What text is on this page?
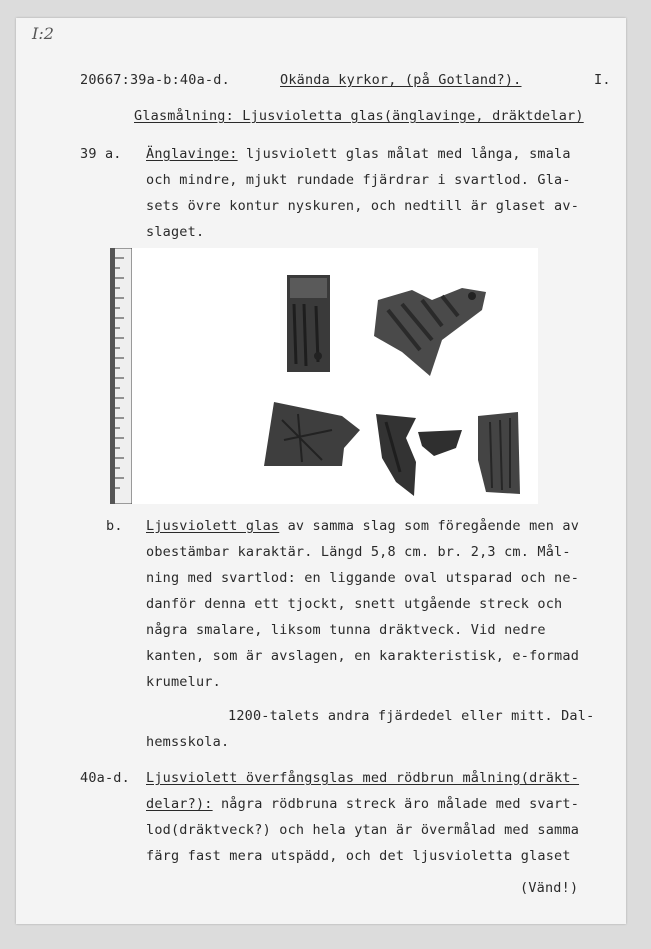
I:2
20667:39a-b:40a-d.	Okända kyrkor, (på Gotland?).	I.
Glasmålning: Ljusvioletta glas(änglavinge, dräktdelar)
39 a. Änglavinge: ljusviolett glas målat med långa, smala
och mindre, mjukt rundade fjärdrar i svartlod. Gla-
sets övre kontur nyskuren, och nedtill är glaset av-
slaget.
b. Ljusviolett glas av samma slag som föregående men av
obestämbar karaktär. Längd 5,8 cm. br. 2,3 cm. Mål-
ning med svartlod: en liggande oval utsparad och ne-
danför denna ett tjockt, snett utgående streck och
några smalare, liksom tunna dräktveck. Vid nedre
kanten, som är avslagen, en karakteristisk, e-formad
krumelur.
1200-talets andra fjärdedel eller mitt. Dal-
hemsskola.
40a-d. Ljusviolett överfångsglas med rödbrun målning(dräkt-
delar?): några rödbruna streck äro målade med svart-
lod(dräktveck?) och hela ytan är övermålad med samma
färg fast mera utspädd, och det ljusvioletta glaset
(Vänd!)
